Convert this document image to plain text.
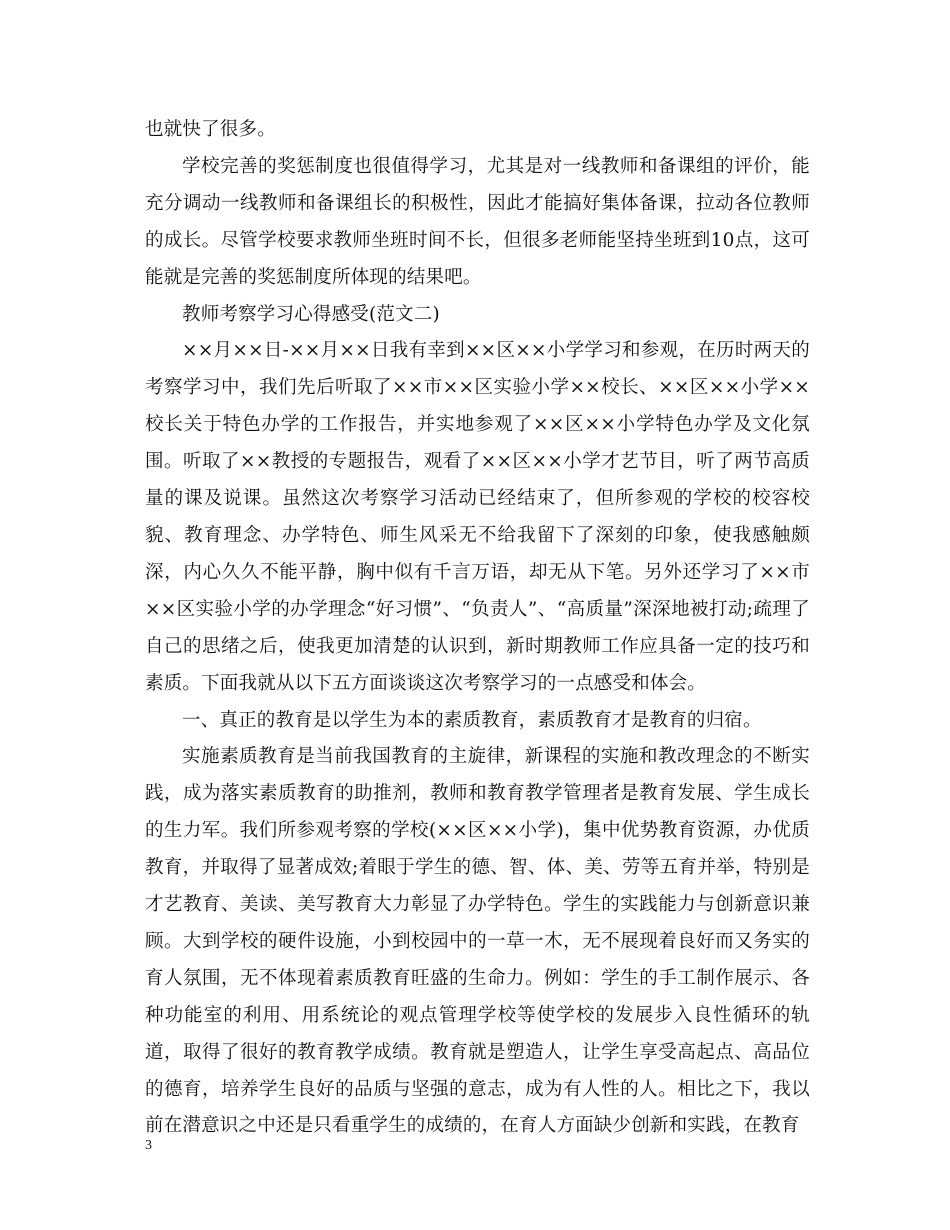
也就快了很多。

学校完善的奖惩制度也很值得学习，尤其是对一线教师和备课组的评价，能充分调动一线教师和备课组长的积极性，因此才能搞好集体备课，拉动各位教师的成长。尽管学校要求教师坐班时间不长，但很多老师能坚持坐班到10点，这可能就是完善的奖惩制度所体现的结果吧。

教师考察学习心得感受(范文二)

××月××日-××月××日我有幸到××区××小学学习和参观，在历时两天的考察学习中，我们先后听取了××市××区实验小学××校长、××区××小学××校长关于特色办学的工作报告，并实地参观了××区××小学特色办学及文化氛围。听取了××教授的专题报告，观看了××区××小学才艺节目，听了两节高质量的课及说课。虽然这次考察学习活动已经结束了，但所参观的学校的校容校貌、教育理念、办学特色、师生风采无不给我留下了深刻的印象，使我感触颇深，内心久久不能平静，胸中似有千言万语，却无从下笔。另外还学习了××市××区实验小学的办学理念“好习惯”、“负责人”、“高质量”深深地被打动;疏理了自己的思绪之后，使我更加清楚的认识到，新时期教师工作应具备一定的技巧和素质。下面我就从以下五方面谈谈这次考察学习的一点感受和体会。

一、真正的教育是以学生为本的素质教育，素质教育才是教育的归宿。

实施素质教育是当前我国教育的主旋律，新课程的实施和教改理念的不断实践，成为落实素质教育的助推剂，教师和教育教学管理者是教育发展、学生成长的生力军。我们所参观考察的学校(××区××小学)，集中优势教育资源，办优质教育，并取得了显著成效;着眼于学生的德、智、体、美、劳等五育并举，特别是才艺教育、美读、美写教育大力彰显了办学特色。学生的实践能力与创新意识兼顾。大到学校的硬件设施，小到校园中的一草一木，无不展现着良好而又务实的育人氛围，无不体现着素质教育旺盛的生命力。例如：学生的手工制作展示、各种功能室的利用、用系统论的观点管理学校等使学校的发展步入良性循环的轨道，取得了很好的教育教学成绩。教育就是塑造人，让学生享受高起点、高品位的德育，培养学生良好的品质与坚强的意志，成为有人性的人。相比之下，我以前在潜意识之中还是只看重学生的成绩的，在育人方面缺少创新和实践，在教育

3
